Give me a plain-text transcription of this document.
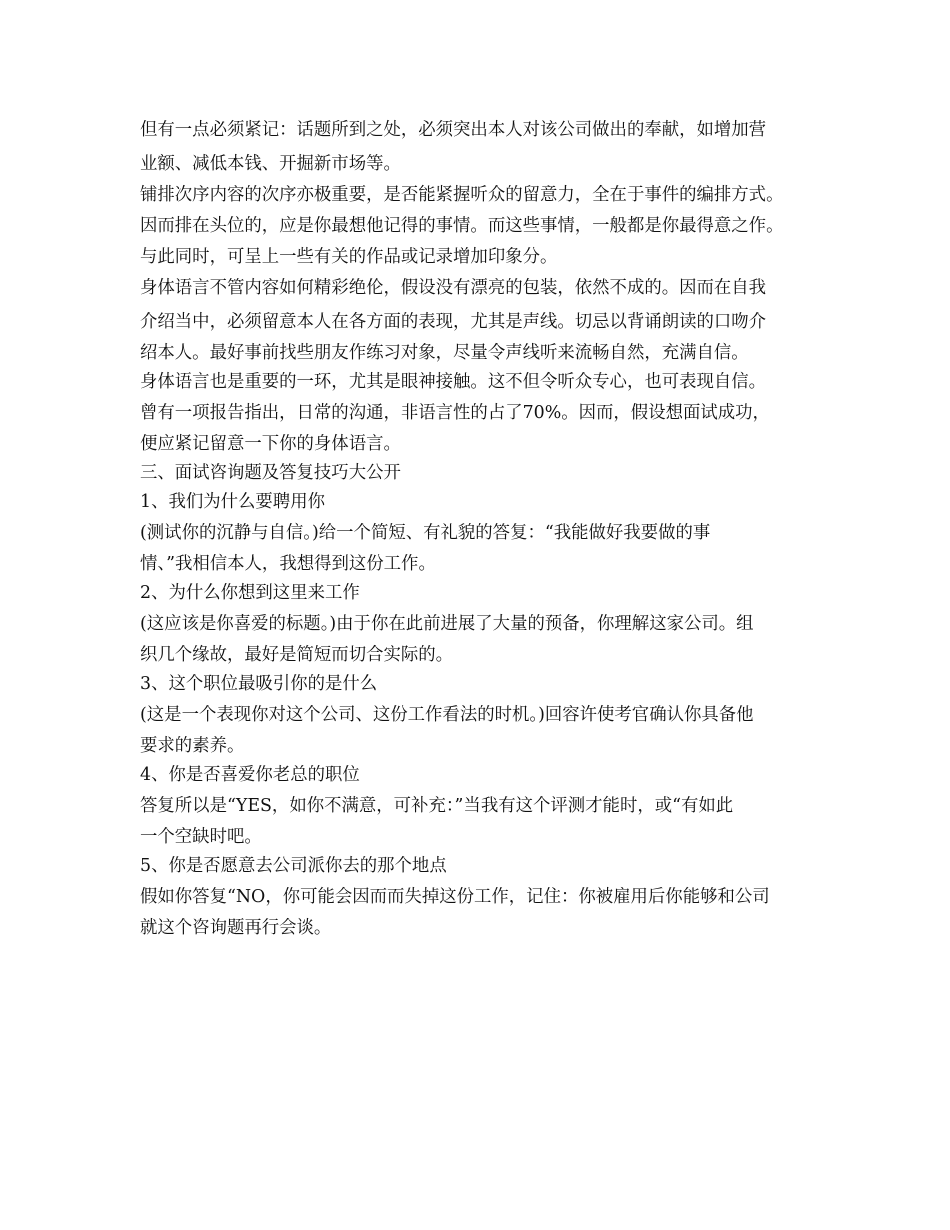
但有一点必须紧记：话题所到之处，必须突出本人对该公司做出的奉献，如增加营
业额、减低本钱、开掘新市场等。
铺排次序内容的次序亦极重要，是否能紧握听众的留意力，全在于事件的编排方式。
因而排在头位的，应是你最想他记得的事情。而这些事情，一般都是你最得意之作。
与此同时，可呈上一些有关的作品或记录增加印象分。
身体语言不管内容如何精彩绝伦，假设没有漂亮的包装，依然不成的。因而在自我
介绍当中，必须留意本人在各方面的表现，尤其是声线。切忌以背诵朗读的口吻介
绍本人。最好事前找些朋友作练习对象，尽量令声线听来流畅自然，充满自信。
身体语言也是重要的一环，尤其是眼神接触。这不但令听众专心，也可表现自信。
曾有一项报告指出，日常的沟通，非语言性的占了70%。因而，假设想面试成功，
便应紧记留意一下你的身体语言。
三、面试咨询题及答复技巧大公开
1、我们为什么要聘用你
(测试你的沉静与自信。)给一个简短、有礼貌的答复：“我能做好我要做的事
情、”我相信本人，我想得到这份工作。
2、为什么你想到这里来工作
(这应该是你喜爱的标题。)由于你在此前进展了大量的预备，你理解这家公司。组
织几个缘故，最好是简短而切合实际的。
3、这个职位最吸引你的是什么
(这是一个表现你对这个公司、这份工作看法的时机。)回容许使考官确认你具备他
要求的素养。
4、你是否喜爱你老总的职位
答复所以是“YES，如你不满意，可补充：”当我有这个评测才能时，或“有如此
一个空缺时吧。
5、你是否愿意去公司派你去的那个地点
假如你答复“NO，你可能会因而而失掉这份工作，记住：你被雇用后你能够和公司
就这个咨询题再行会谈。
